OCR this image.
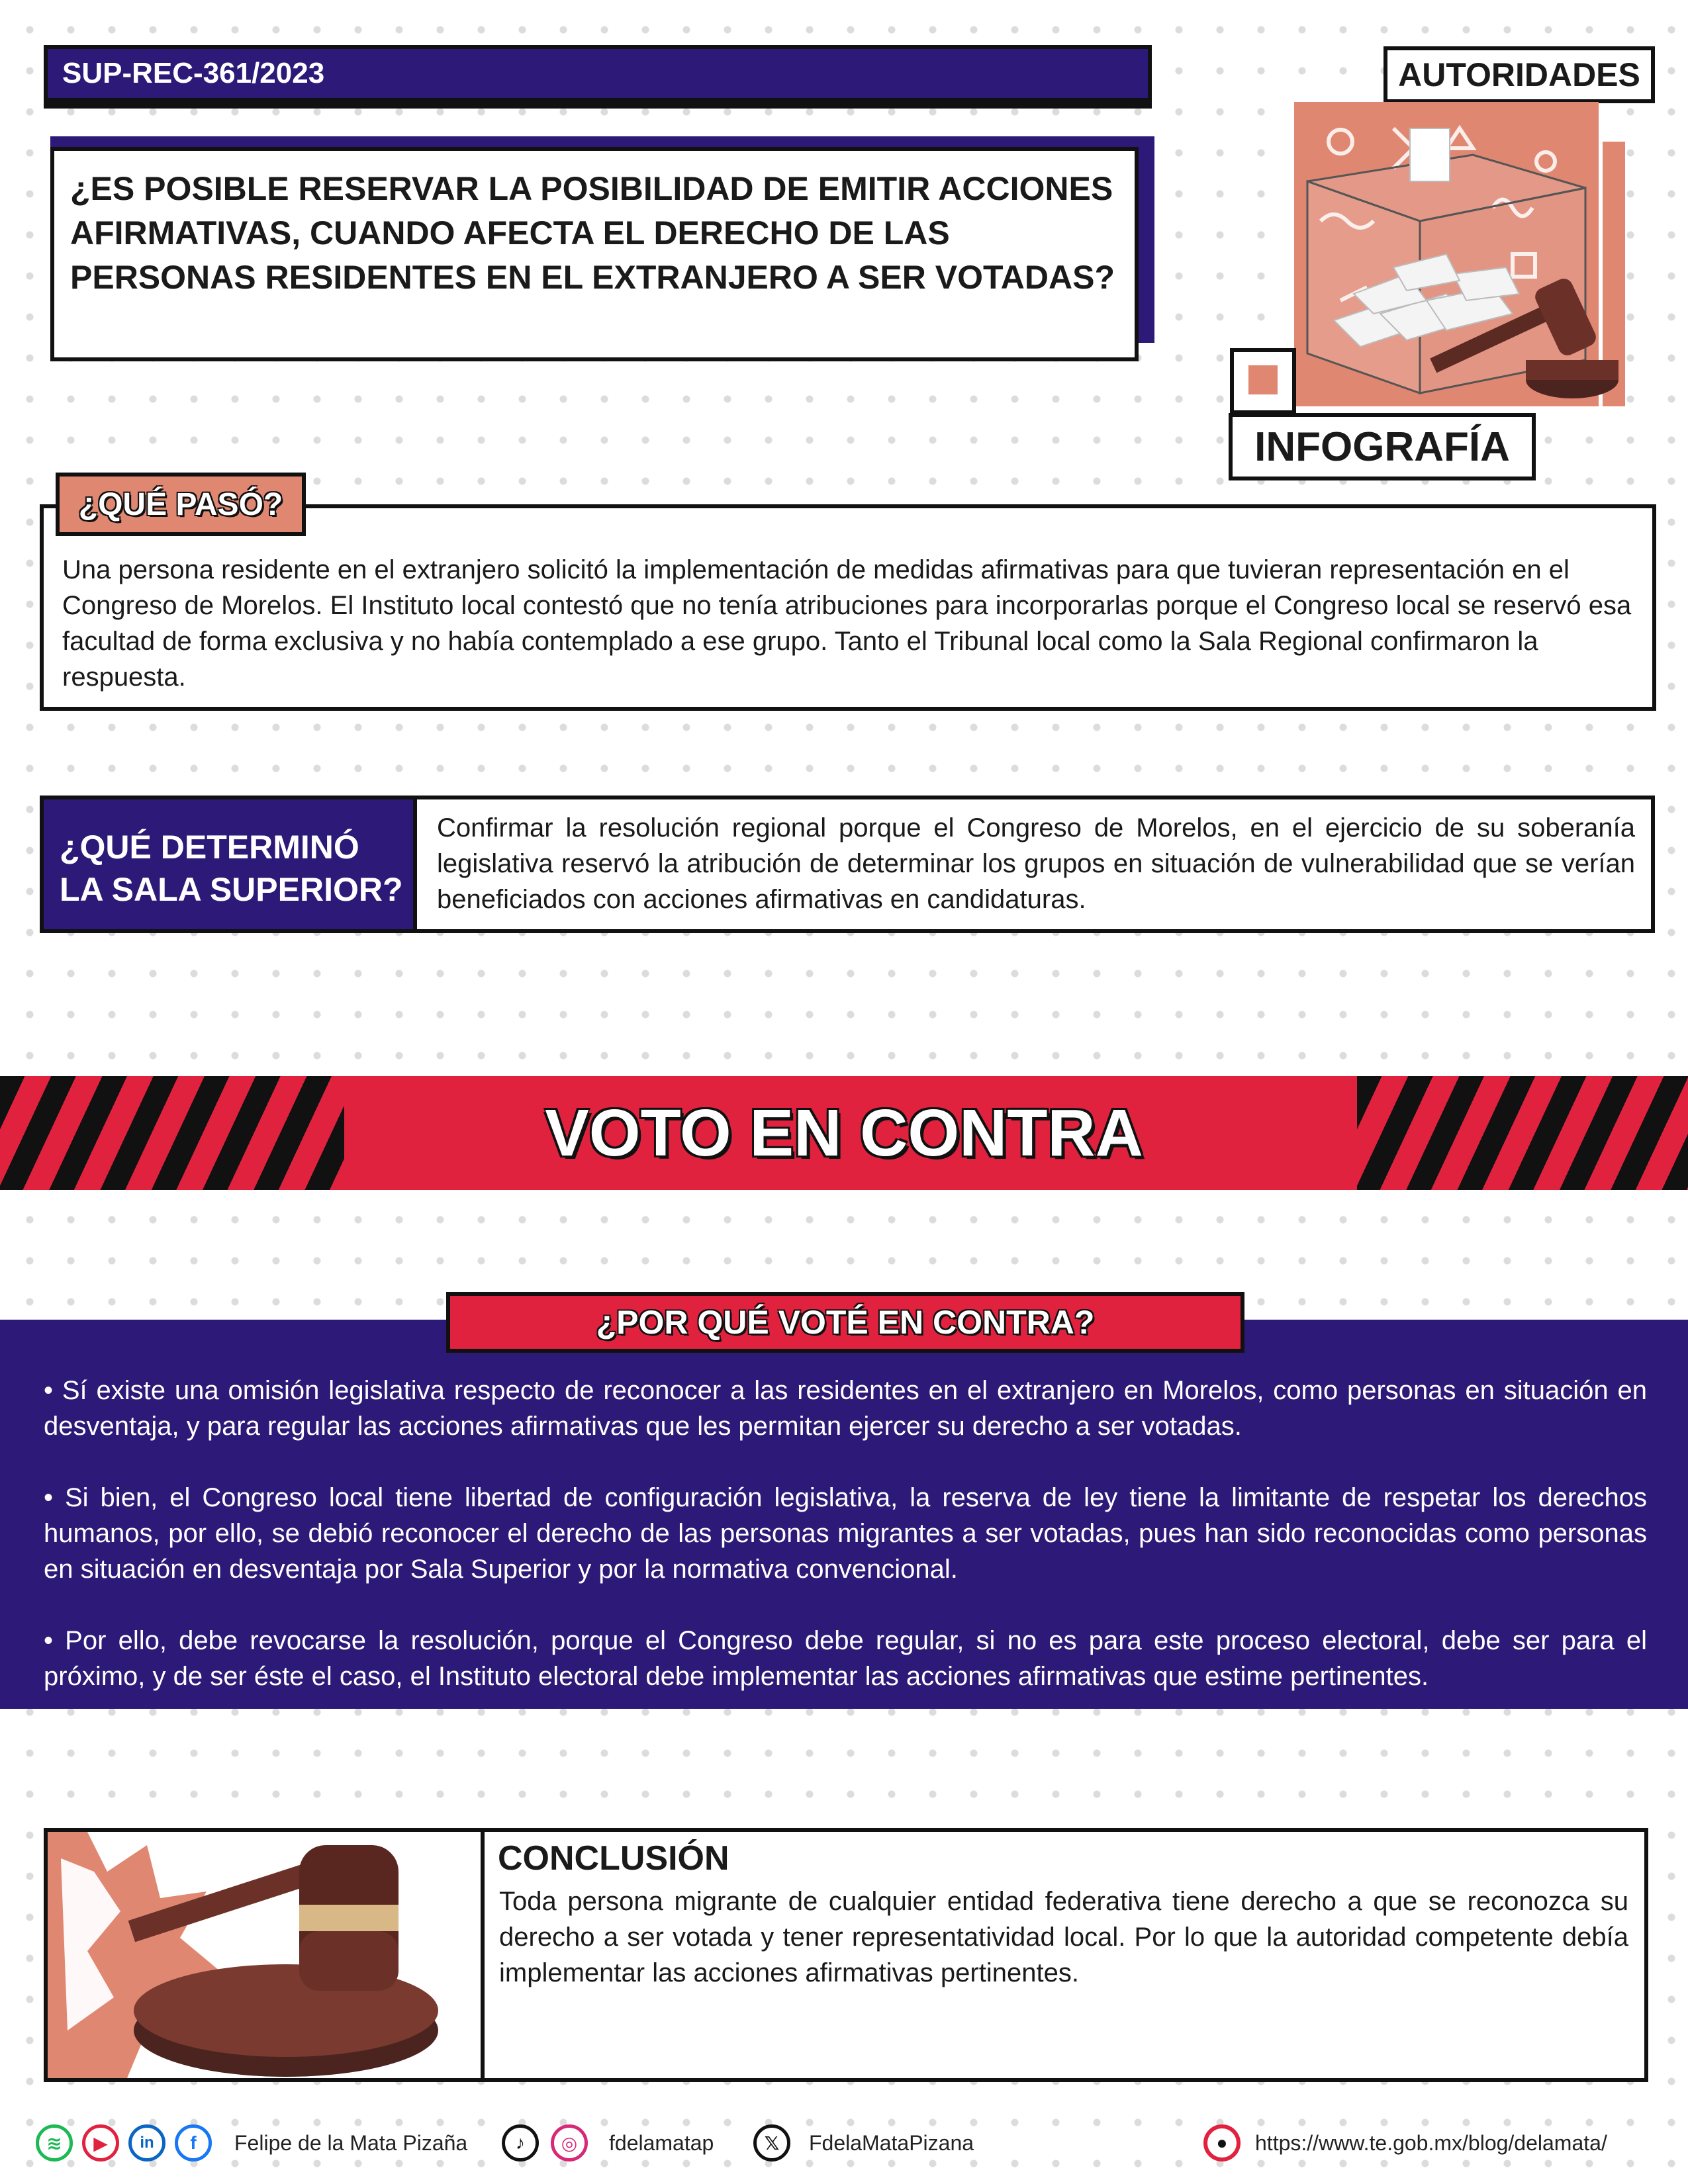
SUP-REC-361/2023
¿ES POSIBLE RESERVAR LA POSIBILIDAD DE EMITIR ACCIONES AFIRMATIVAS, CUANDO AFECTA EL DERECHO DE LAS PERSONAS RESIDENTES EN EL EXTRANJERO A SER VOTADAS?
AUTORIDADES
INFOGRAFÍA
Una persona residente en el extranjero solicitó la implementación de medidas afirmativas para que tuvieran representación en el Congreso de Morelos. El Instituto local contestó que no tenía atribuciones para incorporarlas porque el Congreso local se reservó esa facultad de forma exclusiva y no había contemplado a ese grupo. Tanto el Tribunal local como la Sala Regional confirmaron la respuesta.
¿QUÉ PASÓ?
¿QUÉ DETERMINÓ
LA SALA SUPERIOR?
Confirmar la resolución regional porque el Congreso de Morelos, en el ejercicio de su soberanía legislativa reservó la atribución de determinar los grupos en situación de vulnerabilidad que se verían beneficiados con acciones afirmativas en candidaturas.
VOTO EN CONTRA

• Sí existe una omisión legislativa respecto de reconocer a las residentes en el extranjero en Morelos, como personas en situación en desventaja, y para regular las acciones afirmativas que les permitan ejercer su derecho a ser votadas.

• Si bien, el Congreso local tiene libertad de configuración legislativa, la reserva de ley tiene la limitante de respetar los derechos humanos, por ello, se debió reconocer el derecho de las personas migrantes a ser votadas, pues han sido reconocidas como personas en situación en desventaja por Sala Superior y por la normativa convencional.

• Por ello, debe revocarse la resolución, porque el Congreso debe regular, si no es para este proceso electoral, debe ser para el próximo, y de ser éste el caso, el Instituto electoral debe implementar las acciones afirmativas que estime pertinentes.

¿POR QUÉ VOTÉ EN CONTRA?
CONCLUSIÓN
Toda persona migrante de cualquier entidad federativa tiene derecho a que se reconozca su derecho a ser votada y tener representatividad local. Por lo que la autoridad competente debía implementar las acciones afirmativas pertinentes.
≋	▶	in	f	Felipe de la Mata Pizaña	♪	◎	fdelamatap	𝕏	FdelaMataPizana	●	https://www.te.gob.mx/blog/delamata/
